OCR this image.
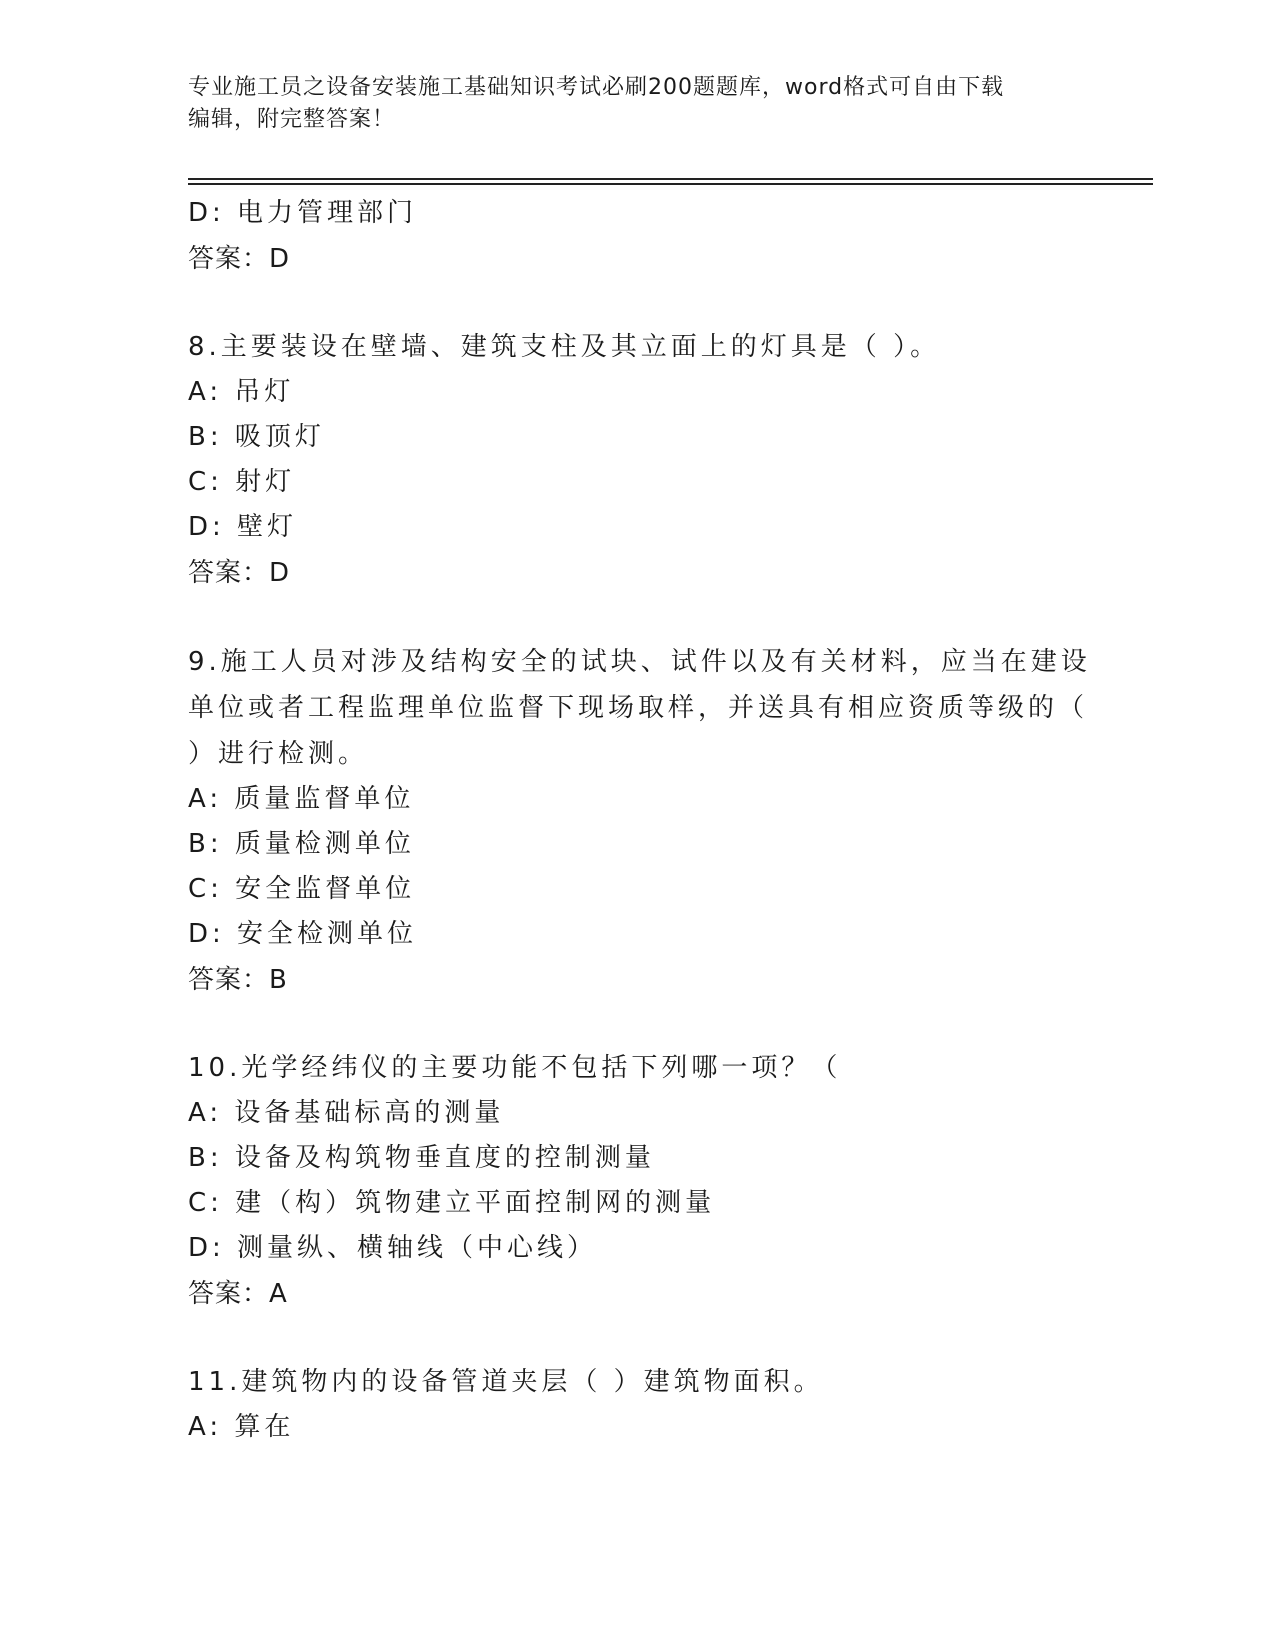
专业施工员之设备安装施工基础知识考试必刷200题题库，word格式可自由下载
编辑，附完整答案！
D: 电力管理部门
答案：D
8.主要装设在壁墙、建筑支柱及其立面上的灯具是（ ）。
A: 吊灯
B: 吸顶灯
C: 射灯
D: 壁灯
答案：D
9.施工人员对涉及结构安全的试块、试件以及有关材料，应当在建设
单位或者工程监理单位监督下现场取样，并送具有相应资质等级的（
）进行检测。
A: 质量监督单位
B: 质量检测单位
C: 安全监督单位
D: 安全检测单位
答案：B
10.光学经纬仪的主要功能不包括下列哪一项？（
A: 设备基础标高的测量
B: 设备及构筑物垂直度的控制测量
C: 建（构）筑物建立平面控制网的测量
D: 测量纵、横轴线（中心线）
答案：A
11.建筑物内的设备管道夹层（ ）建筑物面积。
A: 算在
